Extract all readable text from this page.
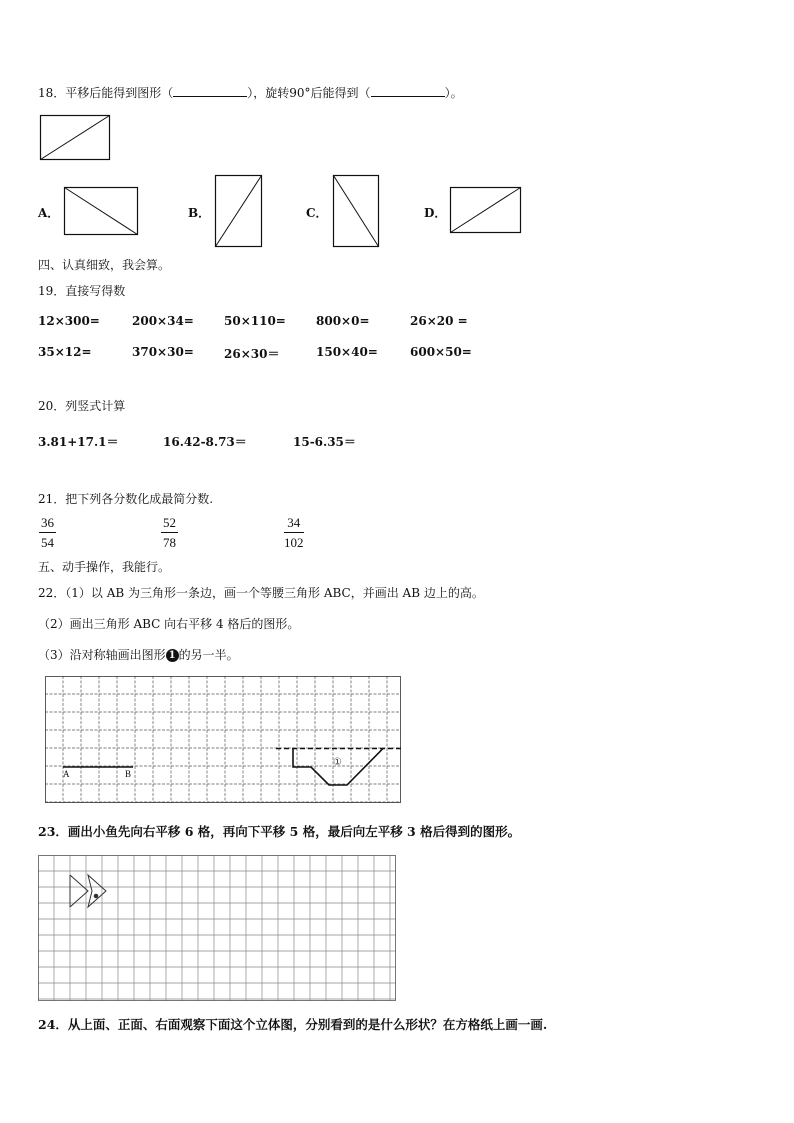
18．平移后能得到图形（	），旋转90°后能得到（	）。
A．	B．	C．	D．
四、认真细致，我会算。
19．直接写得数
12×300=	200×34=	50×110=	800×0=	26×20 =
35×12=	370×30=	26×30＝	150×40=	600×50=
20．列竖式计算
3.81+17.1＝	16.42-8.73＝	15-6.35＝
21．把下列各分数化成最简分数.
$\frac{36}{54}$	$\frac{52}{78}$	$\frac{34}{102}$
五、动手操作，我能行。
22．（1）以 AB 为三角形一条边，画一个等腰三角形 ABC，并画出 AB 边上的高。
（2）画出三角形 ABC 向右平移 4 格后的图形。
（3）沿对称轴画出图形 1 的另一半。
A	B
①
23．画出小鱼先向右平移 6 格，再向下平移 5 格，最后向左平移 3 格后得到的图形。
24．从上面、正面、右面观察下面这个立体图，分别看到的是什么形状？在方格纸上画一画.
